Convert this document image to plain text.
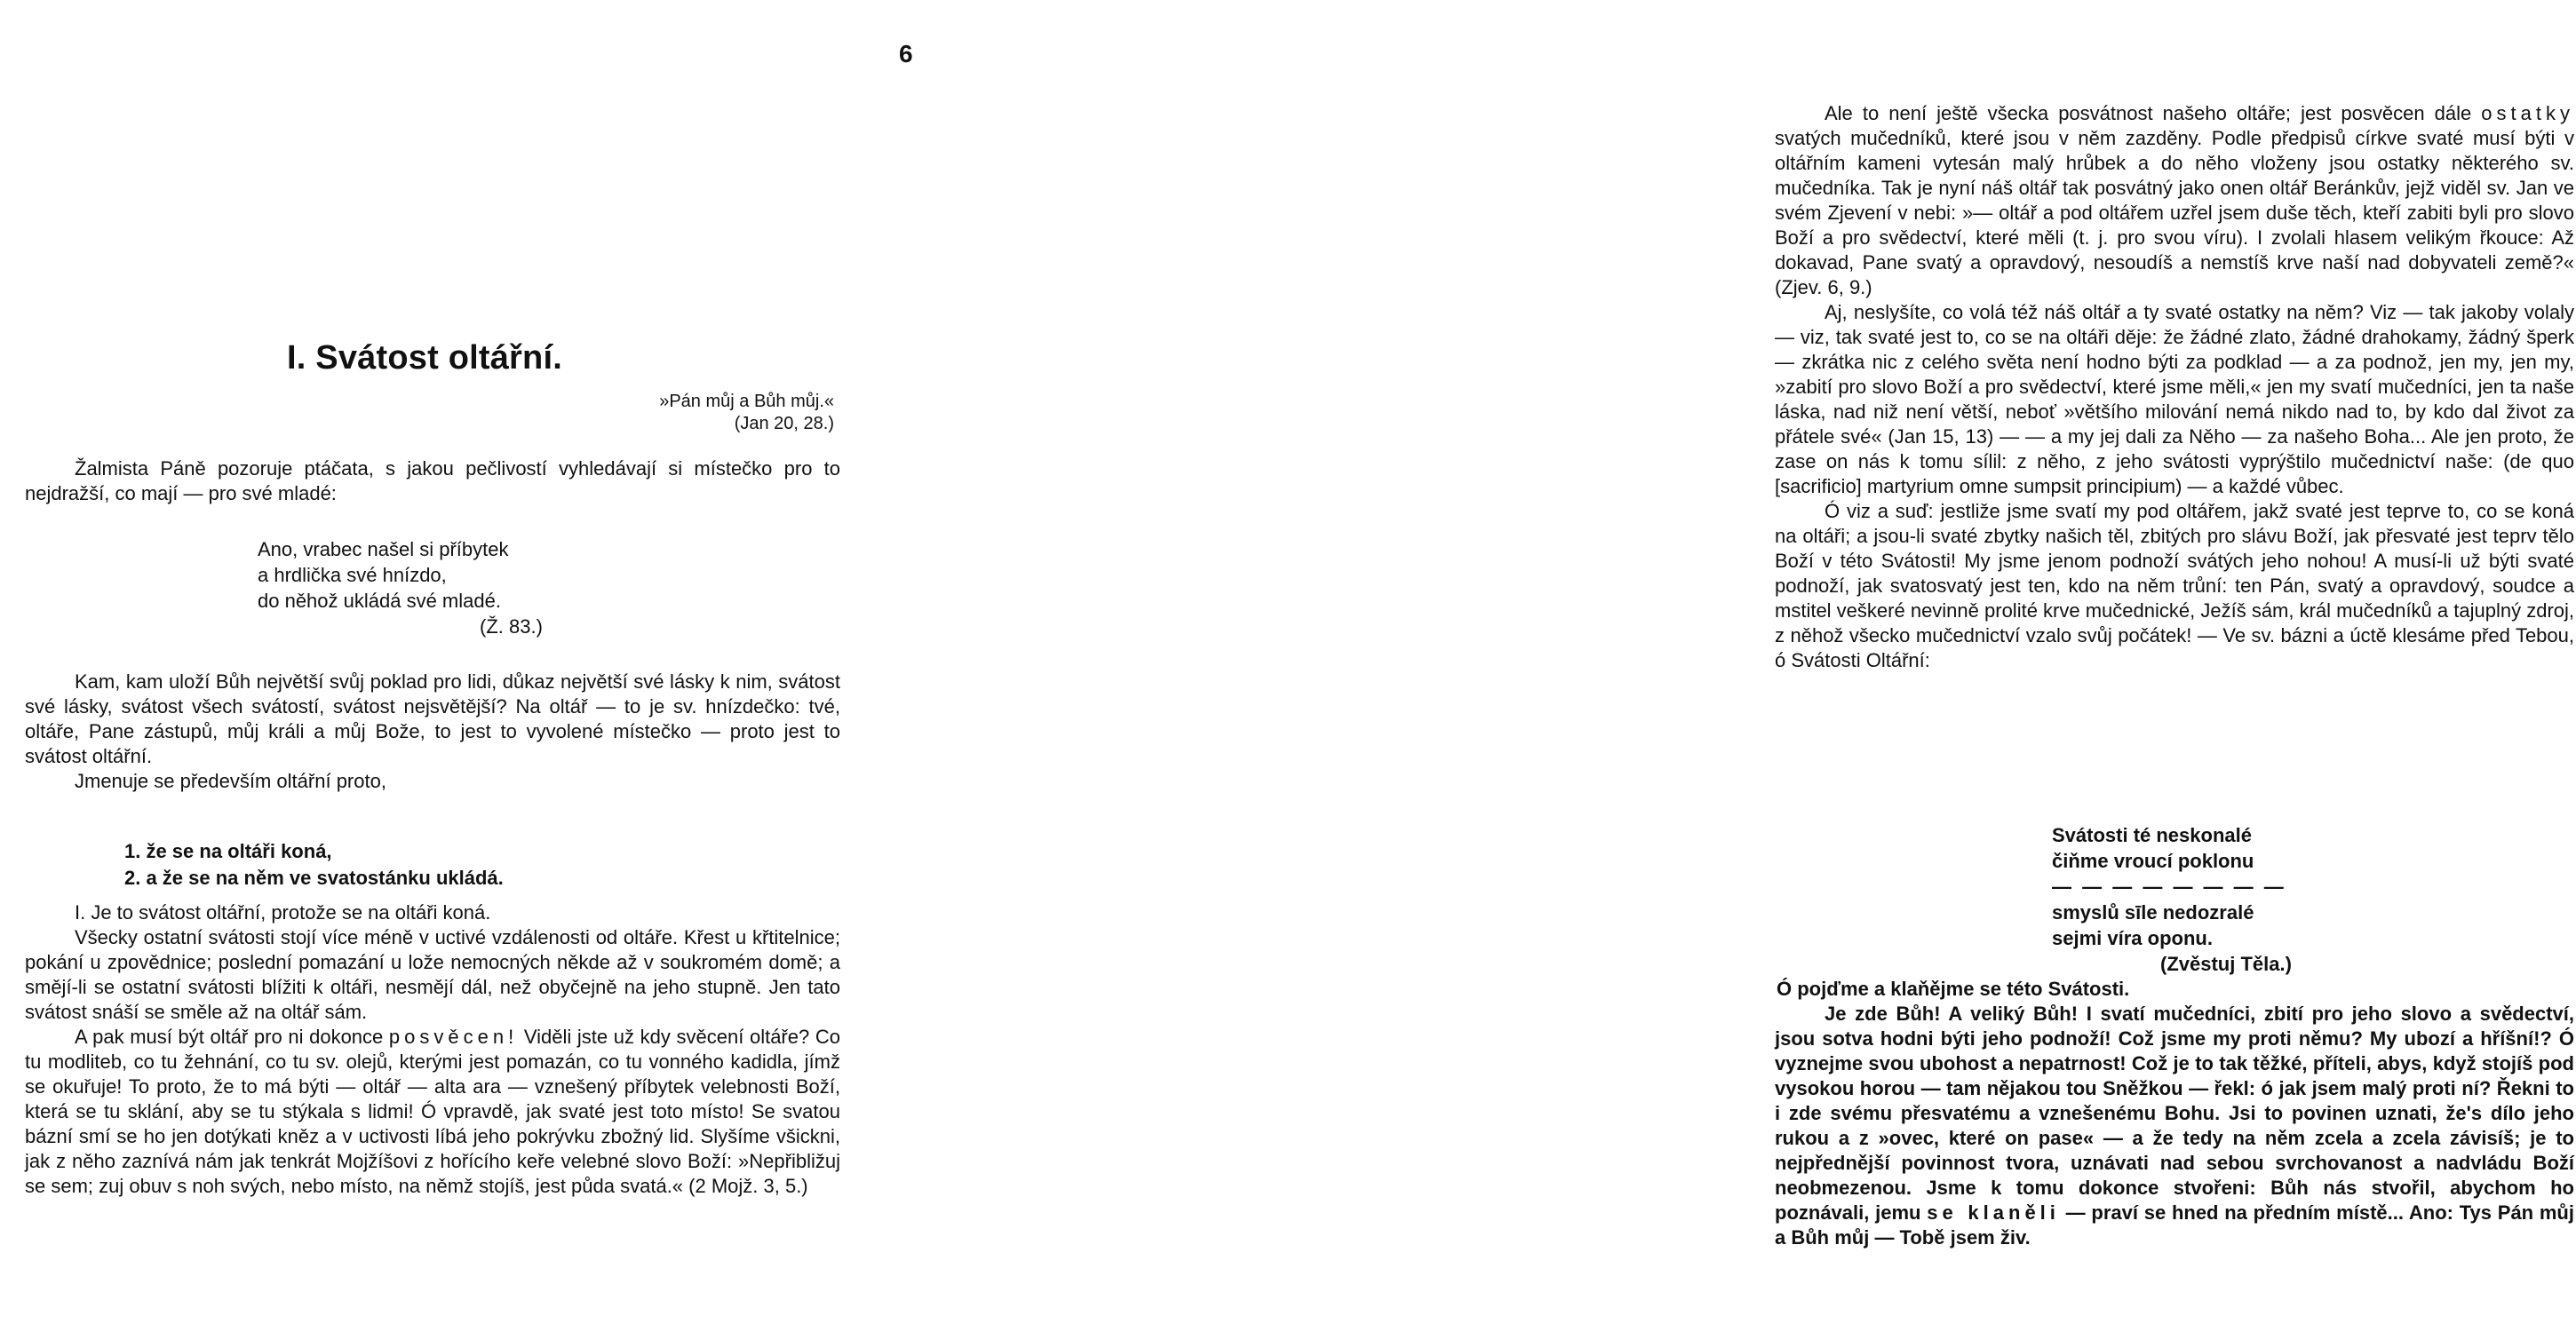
I. Svátost oltářní.
»Pán můj a Bůh můj.«
(Jan 20, 28.)

Žalmista Páně pozoruje ptáčata, s jakou pečlivostí vyhledávají si místečko pro to nejdražší, co mají — pro své mladé:

Ano, vrabec našel si příbytek
a hrdlička své hnízdo,
do něhož ukládá své mladé.
(Ž. 83.)

Kam, kam uloží Bůh největší svůj poklad pro lidi, důkaz největší své lásky k nim, svátost své lásky, svátost všech svátostí, svátost nejsvětější? Na oltář — to je sv. hnízdečko: tvé, oltáře, Pane zástupů, můj králi a můj Bože, to jest to vyvolené místečko — proto jest to svátost oltářní.

Jmenuje se především oltářní proto,

1. že se na oltáři koná,
2. a že se na něm ve svatostánku ukládá.

I. Je to svátost oltářní, protože se na oltáři koná.

Všecky ostatní svátosti stojí více méně v uctivé vzdálenosti od oltáře. Křest u křtitelnice; pokání u zpovědnice; poslední pomazání u lože nemocných někde až v soukromém domě; a smějí-li se ostatní svátosti blížiti k oltáři, nesmějí dál, než obyčejně na jeho stupně. Jen tato svátost snáší se směle až na oltář sám.

A pak musí být oltář pro ni dokonce posvěcen! Viděli jste už kdy svěcení oltáře? Co tu modliteb, co tu žehnání, co tu sv. olejů, kterými jest pomazán, co tu vonného kadidla, jímž se okuřuje! To proto, že to má býti — oltář — alta ara — vznešený příbytek velebnosti Boží, která se tu sklání, aby se tu stýkala s lidmi! Ó vpravdě, jak svaté jest toto místo! Se svatou bázní smí se ho jen dotýkati kněz a v uctivosti líbá jeho pokrývku zbožný lid. Slyšíme všickni, jak z něho zaznívá nám jak tenkrát Mojžíšovi z hořícího keře velebné slovo Boží: »Nepřibližuj se sem; zuj obuv s noh svých, nebo místo, na němž stojíš, jest půda svatá.« (2 Mojž. 3, 5.)

6

Ale to není ještě všecka posvátnost našeho oltáře; jest posvěcen dále ostatky svatých mučedníků, které jsou v něm zazděny. Podle předpisů církve svaté musí býti v oltářním kameni vytesán malý hrůbek a do něho vloženy jsou ostatky některého sv. mučedníka. Tak je nyní náš oltář tak posvátný jako onen oltář Beránkův, jejž viděl sv. Jan ve svém Zjevení v nebi: »— oltář a pod oltářem uzřel jsem duše těch, kteří zabiti byli pro slovo Boží a pro svědectví, které měli (t. j. pro svou víru). I zvolali hlasem velikým řkouce: Až dokavad, Pane svatý a opravdový, nesoudíš a nemstíš krve naší nad dobyvateli země?« (Zjev. 6, 9.)

Aj, neslyšíte, co volá též náš oltář a ty svaté ostatky na něm? Viz — tak jakoby volaly — viz, tak svaté jest to, co se na oltáři děje: že žádné zlato, žádné drahokamy, žádný šperk — zkrátka nic z celého světa není hodno býti za podklad — a za podnož, jen my, jen my, »zabití pro slovo Boží a pro svědectví, které jsme měli,« jen my svatí mučedníci, jen ta naše láska, nad niž není větší, neboť »většího milování nemá nikdo nad to, by kdo dal život za přátele své« (Jan 15, 13) — — a my jej dali za Něho — za našeho Boha... Ale jen proto, že zase on nás k tomu sílil: z něho, z jeho svátosti vyprýštilo mučednictví naše: (de quo [sacrificio] martyrium omne sumpsit principium) — a každé vůbec.

Ó viz a suď: jestliže jsme svatí my pod oltářem, jakž svaté jest teprve to, co se koná na oltáři; a jsou-li svaté zbytky našich těl, zbitých pro slávu Boží, jak přesvaté jest teprv tělo Boží v této Svátosti! My jsme jenom podnoží svátých jeho nohou! A musí-li už býti svaté podnoží, jak svatosvatý jest ten, kdo na něm trůní: ten Pán, svatý a opravdový, soudce a mstitel veškeré nevinně prolité krve mučednické, Ježíš sám, král mučedníků a tajuplný zdroj, z něhož všecko mučednictví vzalo svůj počátek! — Ve sv. bázni a úctě klesáme před Tebou, ó Svátosti Oltářní:

Svátosti té neskonalé
čiňme vroucí poklonu
— — — — — — — —
smyslů sīle nedozralé
sejmi víra oponu.
(Zvěstuj Těla.)
Ó pojďme a klaňějme se této Svátosti.

Je zde Bůh! A veliký Bůh! I svatí mučedníci, zbití pro jeho slovo a svědectví, jsou sotva hodni býti jeho podnoží! Což jsme my proti němu? My ubozí a hříšní!? Ó vyznejme svou ubohost a nepatrnost! Což je to tak těžké, příteli, abys, když stojíš pod vysokou horou — tam nějakou tou Sněžkou — řekl: ó jak jsem malý proti ní? Řekni to i zde svému přesvatému a vznešenému Bohu. Jsi to povinen uznati, že's dílo jeho rukou a z »ovec, které on pase« — a že tedy na něm zcela a zcela závisíš; je to nejpřednější povinnost tvora, uznávati nad sebou svrchovanost a nadvládu Boží neobmezenou. Jsme k tomu dokonce stvořeni: Bůh nás stvořil, abychom ho poznávali, jemu se klaněli — praví se hned na předním místě... Ano: Tys Pán můj a Bůh můj — Tobě jsem živ.
